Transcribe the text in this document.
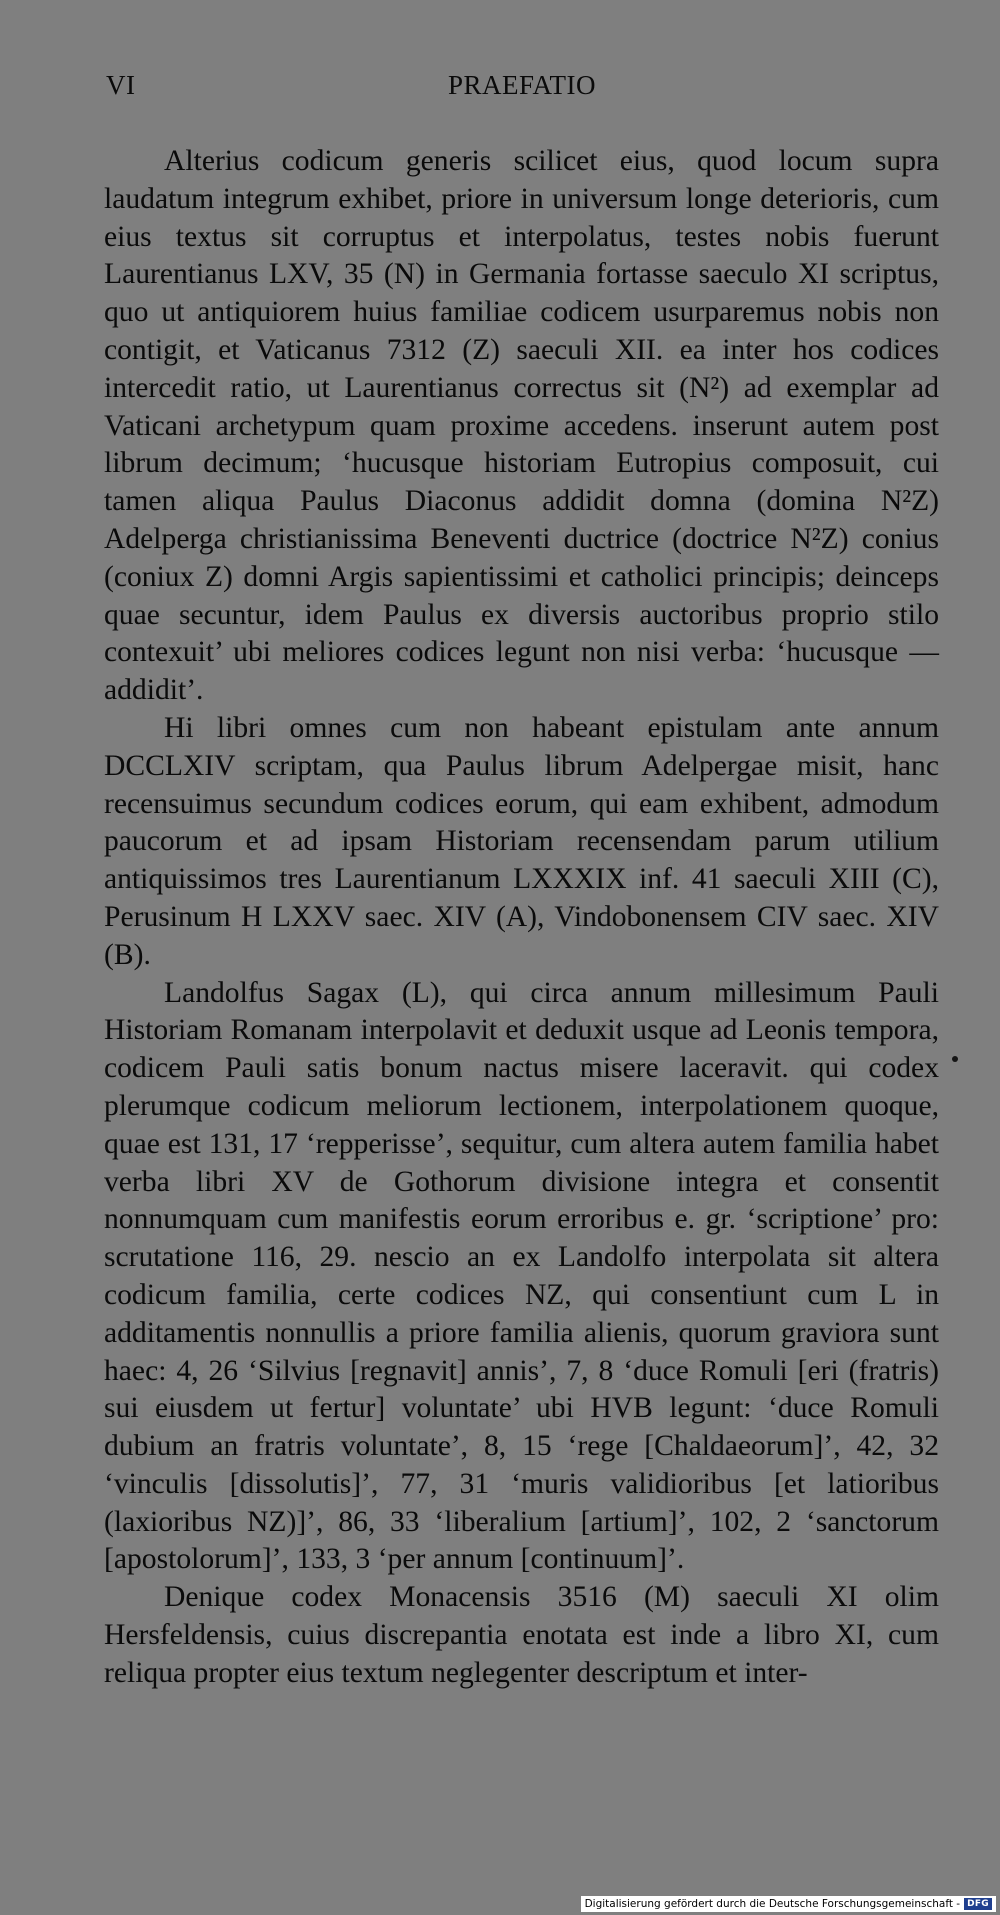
VI	PRAEFATIO

Alterius codicum generis scilicet eius, quod locum supra laudatum integrum exhibet, priore in universum longe deterioris, cum eius textus sit corruptus et interpolatus, testes nobis fuerunt Laurentianus LXV, 35 (N) in Germania fortasse saeculo XI scriptus, quo ut antiquiorem huius familiae codicem usurparemus nobis non contigit, et Vaticanus 7312 (Z) saeculi XII. ea inter hos codices intercedit ratio, ut Laurentianus correctus sit (N²) ad exemplar ad Vaticani archetypum quam proxime accedens. inserunt autem post librum decimum; ‘hucusque historiam Eutropius composuit, cui tamen aliqua Paulus Diaconus addidit domna (domina N²Z) Adelperga christianissima Beneventi ductrice (doctrice N²Z) conius (coniux Z) domni Argis sapientissimi et catholici principis; deinceps quae secuntur, idem Paulus ex diversis auctoribus proprio stilo contexuit’ ubi meliores codices legunt non nisi verba: ‘hucusque — addidit’.

Hi libri omnes cum non habeant epistulam ante annum DCCLXIV scriptam, qua Paulus librum Adelpergae misit, hanc recensuimus secundum codices eorum, qui eam exhibent, admodum paucorum et ad ipsam Historiam recensendam parum utilium antiquissimos tres Laurentianum LXXXIX inf. 41 saeculi XIII (C), Perusinum H LXXV saec. XIV (A), Vindobonensem CIV saec. XIV (B).

Landolfus Sagax (L), qui circa annum millesimum Pauli Historiam Romanam interpolavit et deduxit usque ad Leonis tempora, codicem Pauli satis bonum nactus misere laceravit. qui codex plerumque codicum meliorum lectionem, interpolationem quoque, quae est 131, 17 ‘repperisse’, sequitur, cum altera autem familia habet verba libri XV de Gothorum divisione integra et consentit nonnumquam cum manifestis eorum erroribus e. gr. ‘scriptione’ pro: scrutatione 116, 29. nescio an ex Landolfo interpolata sit altera codicum familia, certe codices NZ, qui consentiunt cum L in additamentis nonnullis a priore familia alienis, quorum graviora sunt haec: 4, 26 ‘Silvius [regnavit] annis’, 7, 8 ‘duce Romuli [eri (fratris) sui eiusdem ut fertur] voluntate’ ubi HVB legunt: ‘duce Romuli dubium an fratris voluntate’, 8, 15 ‘rege [Chaldaeorum]’, 42, 32 ‘vinculis [dissolutis]’, 77, 31 ‘muris validioribus [et latioribus (laxioribus NZ)]’, 86, 33 ‘liberalium [artium]’, 102, 2 ‘sanctorum [apostolorum]’, 133, 3 ‘per annum [continuum]’.

Denique codex Monacensis 3516 (M) saeculi XI olim Hersfeldensis, cuius discrepantia enotata est inde a libro XI, cum reliqua propter eius textum neglegenter descriptum et inter-

Digitalisierung gefördert durch die Deutsche Forschungsgemeinschaft - DFG
